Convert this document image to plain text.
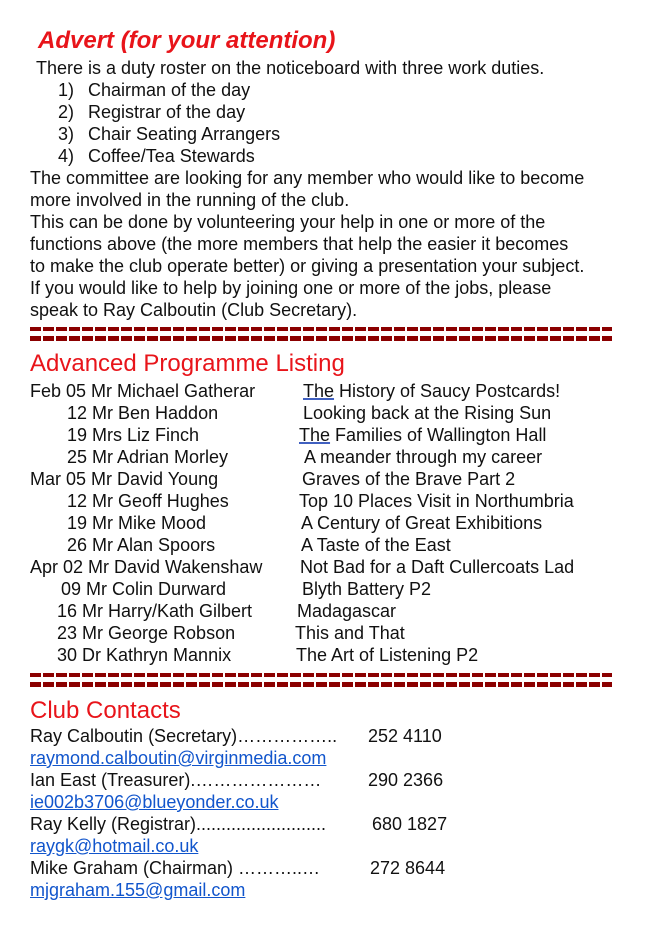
Advert (for your attention)
There is a duty roster on the noticeboard with three work duties.
1) Chairman of the day
2) Registrar of the day
3) Chair Seating Arrangers
4) Coffee/Tea Stewards
The committee are looking for any member who would like to become
more involved in the running of the club.
This can be done by volunteering your help in one or more of the
functions above (the more members that help the easier it becomes
to make the club operate better) or giving a presentation your subject.
If you would like to help by joining one or more of the jobs, please
speak to Ray Calboutin (Club Secretary).
Advanced Programme Listing
Feb 05 Mr Michael Gatherar	The History of Saucy Postcards!
12 Mr Ben Haddon	Looking back at the Rising Sun
19 Mrs Liz Finch	The Families of Wallington Hall
25 Mr Adrian Morley	A meander through my career
Mar 05 Mr David Young	Graves of the Brave Part 2
12 Mr Geoff Hughes	Top 10 Places Visit in Northumbria
19 Mr Mike Mood	A Century of Great Exhibitions
26 Mr Alan Spoors	A Taste of the East
Apr 02 Mr David Wakenshaw Not Bad for a Daft Cullercoats Lad
09 Mr Colin Durward	Blyth Battery P2
16 Mr Harry/Kath Gilbert Madagascar
23 Mr George Robson	This and That
30 Dr Kathryn Mannix	The Art of Listening P2
Club Contacts
Ray Calboutin (Secretary)…………….. 252 4110
raymond.calboutin@virginmedia.com
Ian East (Treasurer).…………………	290 2366
ie002b3706@blueyonder.co.uk
Ray Kelly (Registrar)..........................	680 1827
raygk@hotmail.co.uk
Mike Graham (Chairman) ………..…	272 8644
mjgraham.155@gmail.com
